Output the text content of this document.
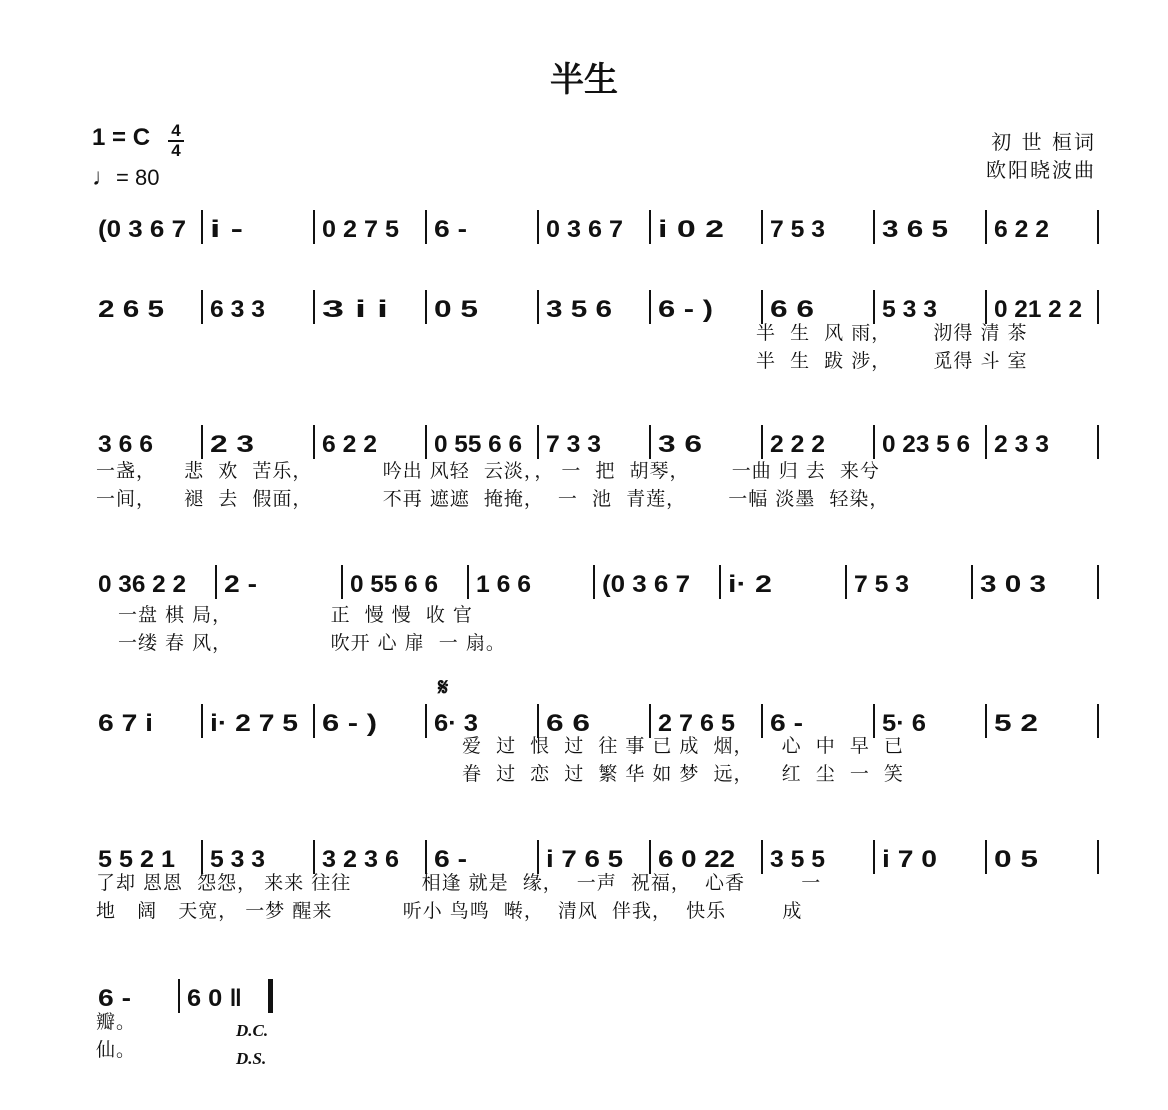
半生
1 = C 4
4
♩= 80
初 世 桓词
欧阳晓波曲
(0 3 6 7 i -	0 2 7 5 6 -	0 3 6 7 i 0 2 7 5 3 3 6 5 6 2 2
2 6 5 6 3 3 3 i i 0 5	3 5 6 6 - ) 6 6	5 3 3 0 21 2 2
3 6 6 2 3	6 2 2 0 55 6 6 7 3 3 3 6	2 2 2 0 23 5 6 2 3 3
0 36 2 2 2 -	0 55 6 6 1 6 6	(0 3 6 7 i· 2	7 5 3	3 0 3
6 7 i i· 2 7 5 6 - ) 6· 3	6 6	2 7 6 5 6 -	5· 6	5 2
5 5 2 1 5 3 3 3 2 3 6 6 -	i 7 6 5 6 0 22 3 5 5 i 7 0 0 5
6 - 6 0 ‖
𝄋
D.C.
D.S.
半  生  风 雨，      沏得 清 茶
半  生  跋 涉，      觅得 斗 室
一盏，    悲  欢  苦乐，          吟出 风轻  云淡，， 一  把  胡琴，      一曲 归 去  来兮
一间，    褪  去  假面，          不再 遮遮  掩掩，  一  池  青莲，      一幅 淡墨  轻染，
一盘 棋 局，              正  慢 慢  收 官
一缕 春 风，              吹开 心 扉  一 扇。
爱  过  恨  过  往 事 已 成  烟，    心  中  早  已
眷  过  恋  过  繁 华 如 梦  远，    红  尘  一  笑
了却 恩恩  怨怨， 来来 往往          相逢 就是  缘，  一声  祝福，  心香        一
地   阔   天宽， 一梦 醒来          听小 鸟鸣  啭，  清风  伴我，  快乐        成
瓣。
仙。
